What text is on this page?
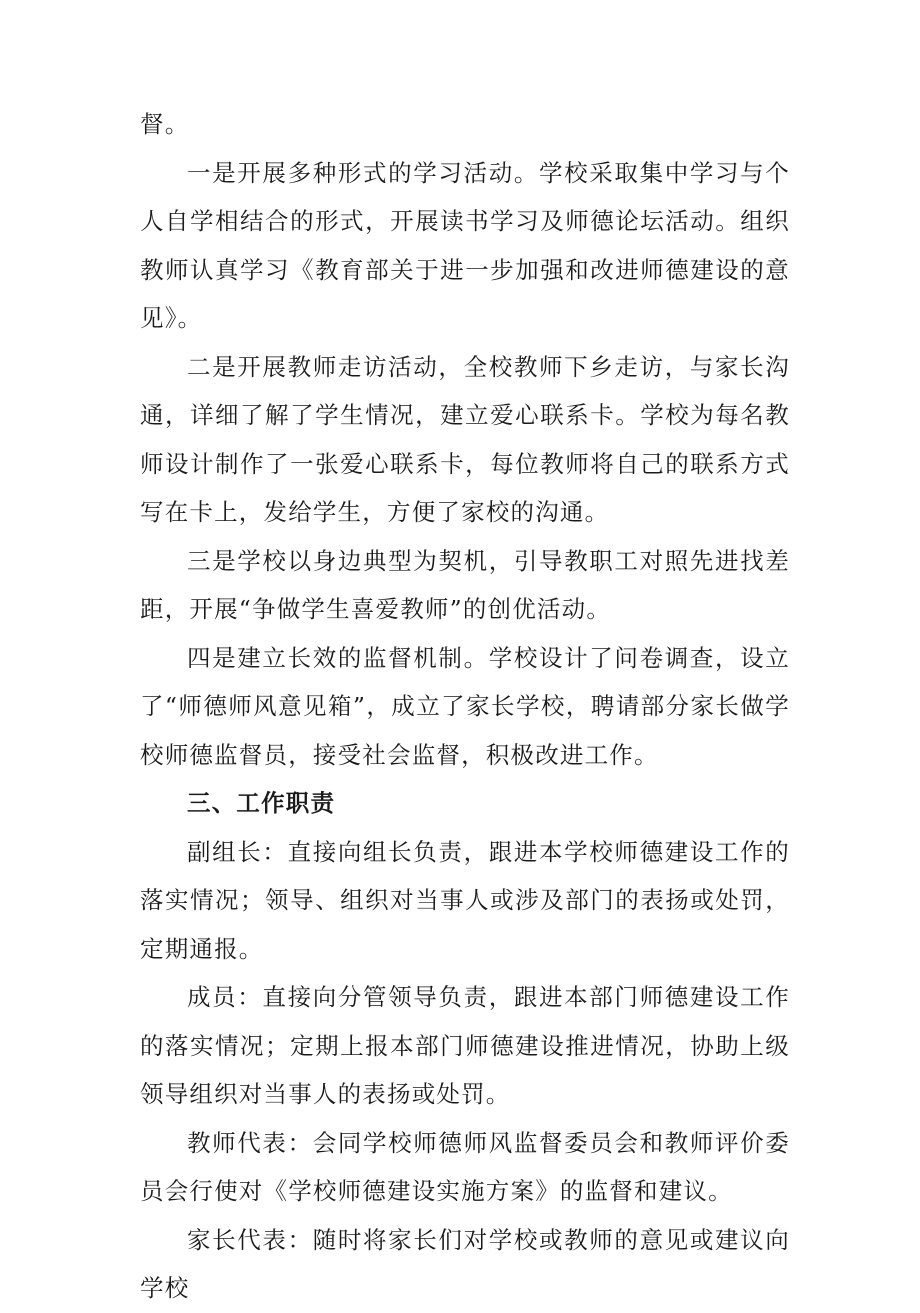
督。

一是开展多种形式的学习活动。学校采取集中学习与个人自学相结合的形式，开展读书学习及师德论坛活动。组织教师认真学习《教育部关于进一步加强和改进师德建设的意见》。

二是开展教师走访活动，全校教师下乡走访，与家长沟通，详细了解了学生情况，建立爱心联系卡。学校为每名教师设计制作了一张爱心联系卡，每位教师将自己的联系方式写在卡上，发给学生，方便了家校的沟通。

三是学校以身边典型为契机，引导教职工对照先进找差距，开展“争做学生喜爱教师”的创优活动。

四是建立长效的监督机制。学校设计了问卷调查，设立了“师德师风意见箱”，成立了家长学校，聘请部分家长做学校师德监督员，接受社会监督，积极改进工作。

三、工作职责

副组长：直接向组长负责，跟进本学校师德建设工作的落实情况；领导、组织对当事人或涉及部门的表扬或处罚，定期通报。

成员：直接向分管领导负责，跟进本部门师德建设工作的落实情况；定期上报本部门师德建设推进情况，协助上级领导组织对当事人的表扬或处罚。

教师代表：会同学校师德师风监督委员会和教师评价委员会行使对《学校师德建设实施方案》的监督和建议。

家长代表：随时将家长们对学校或教师的意见或建议向学校
